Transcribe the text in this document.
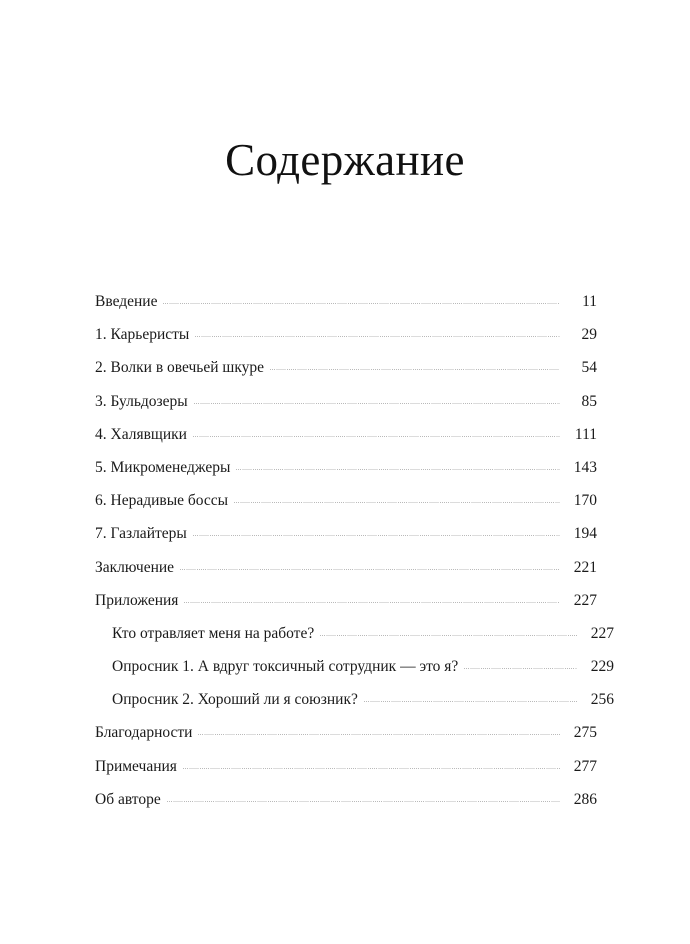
Содержание
Введение	11
1. Карьеристы	29
2. Волки в овечьей шкуре	54
3. Бульдозеры	85
4. Халявщики	111
5. Микроменеджеры	143
6. Нерадивые боссы	170
7. Газлайтеры	194
Заключение	221
Приложения	227
Кто отравляет меня на работе?	227
Опросник 1. А вдруг токсичный сотрудник — это я?	229
Опросник 2. Хороший ли я союзник?	256
Благодарности	275
Примечания	277
Об авторе	286
